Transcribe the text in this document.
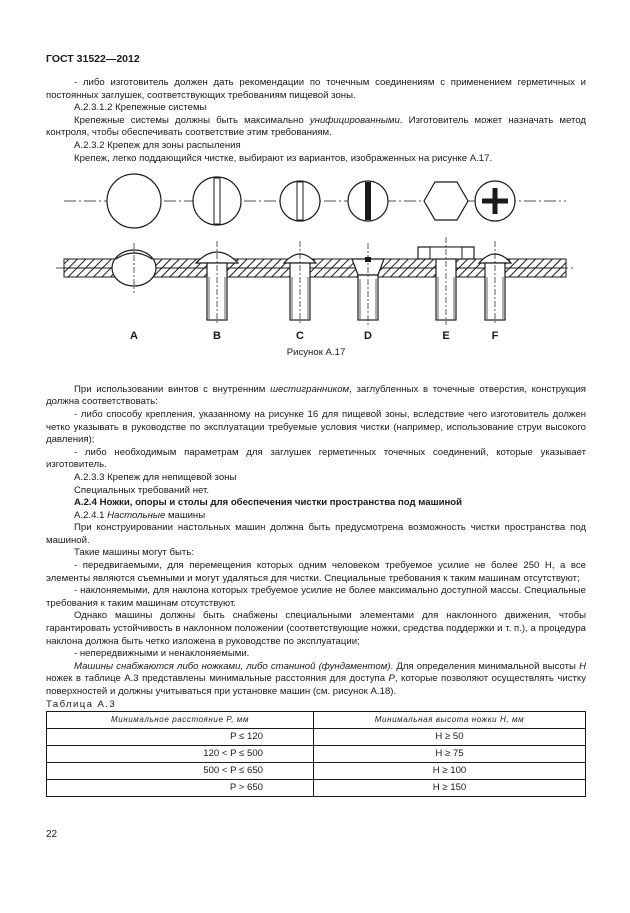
ГОСТ 31522—2012

- либо изготовитель должен дать рекомендации по точечным соединениям с применением герметичных и постоянных заглушек, соответствующих требованиям пищевой зоны.

А.2.3.1.2 Крепежные системы

Крепежные системы должны быть максимально унифицированными. Изготовитель может назначать метод контроля, чтобы обеспечивать соответствие этим требованиям.

А.2.3.2 Крепеж для зоны распыления

Крепеж, легко поддающийся чистке, выбирают из вариантов, изображенных на рисунке А.17.

A	B	C	D	E	F
Рисунок А.17

При использовании винтов с внутренним шестигранником, заглубленных в точечные отверстия, конструкция должна соответствовать:

- либо способу крепления, указанному на рисунке 16 для пищевой зоны, вследствие чего изготовитель должен четко указывать в руководстве по эксплуатации требуемые условия чистки (например, использование струи высокого давления);

- либо необходимым параметрам для заглушек герметичных точечных соединений, которые указывает изготовитель.

А.2.3.3 Крепеж для непищевой зоны

Специальных требований нет.

А.2.4 Ножки, опоры и столы для обеспечения чистки пространства под машиной

А.2.4.1 Настольные машины

При конструировании настольных машин должна быть предусмотрена возможность чистки пространства под машиной.

Такие машины могут быть:

- передвигаемыми, для перемещения которых одним человеком требуемое усилие не более 250 Н, а все элементы являются съемными и могут удаляться для чистки. Специальные требования к таким машинам отсутствуют;

- наклоняемыми, для наклона которых требуемое усилие не более максимально доступной массы. Специальные требования к таким машинам отсутствуют.

Однако машины должны быть снабжены специальными элементами для наклонного движения, чтобы гарантировать устойчивость в наклонном положении (соответствующие ножки, средства поддержки и т. п.), а процедура наклона должна быть четко изложена в руководстве по эксплуатации;

- непередвижными и ненаклоняемыми.

Машины снабжаются либо ножками, либо станиной (фундаментом). Для определения минимальной высоты H ножек в таблице А.3 представлены минимальные расстояния для доступа P, которые позволяют осуществлять чистку поверхностей и должны учитываться при установке машин (см. рисунок А.18).

Таблица А.3

Минимальное расстояние P, мм	Минимальная высота ножки H, мм
P ≤ 120	H ≥ 50
120 < P ≤ 500	H ≥ 75
500 < P ≤ 650	H ≥ 100
P > 650	H ≥ 150
22
